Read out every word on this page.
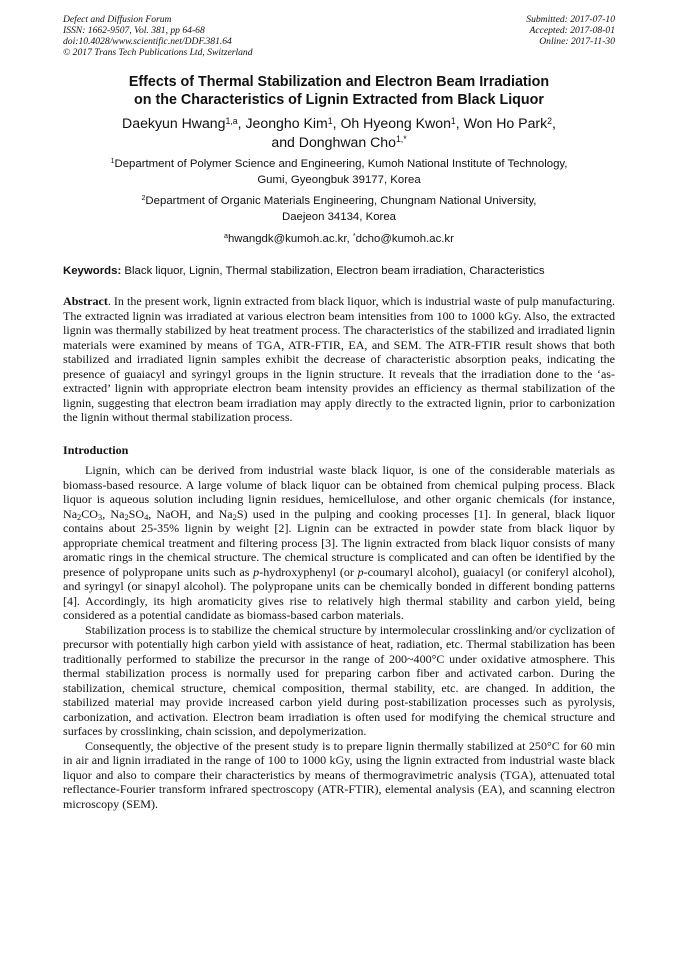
Defect and Diffusion Forum
ISSN: 1662-9507, Vol. 381, pp 64-68
doi:10.4028/www.scientific.net/DDF.381.64
© 2017 Trans Tech Publications Ltd, Switzerland
Submitted: 2017-07-10
Accepted: 2017-08-01
Online: 2017-11-30
Effects of Thermal Stabilization and Electron Beam Irradiation
on the Characteristics of Lignin Extracted from Black Liquor
Daekyun Hwang$^{1,a}$, Jeongho Kim$^1$, Oh Hyeong Kwon$^1$, Won Ho Park$^2$,
and Donghwan Cho$^{1,*}$
$^1$Department of Polymer Science and Engineering, Kumoh National Institute of Technology,
Gumi, Gyeongbuk 39177, Korea
$^2$Department of Organic Materials Engineering, Chungnam National University,
Daejeon 34134, Korea
$^a$hwangdk@kumoh.ac.kr, *dcho@kumoh.ac.kr
Keywords: Black liquor, Lignin, Thermal stabilization, Electron beam irradiation, Characteristics
Abstract. In the present work, lignin extracted from black liquor, which is industrial waste of pulp manufacturing. The extracted lignin was irradiated at various electron beam intensities from 100 to 1000 kGy. Also, the extracted lignin was thermally stabilized by heat treatment process. The characteristics of the stabilized and irradiated lignin materials were examined by means of TGA, ATR-FTIR, EA, and SEM. The ATR-FTIR result shows that both stabilized and irradiated lignin samples exhibit the decrease of characteristic absorption peaks, indicating the presence of guaiacyl and syringyl groups in the lignin structure. It reveals that the irradiation done to the ‘as-extracted’ lignin with appropriate electron beam intensity provides an efficiency as thermal stabilization of the lignin, suggesting that electron beam irradiation may apply directly to the extracted lignin, prior to carbonization the lignin without thermal stabilization process.
Introduction

Lignin, which can be derived from industrial waste black liquor, is one of the considerable materials as biomass-based resource. A large volume of black liquor can be obtained from chemical pulping process. Black liquor is aqueous solution including lignin residues, hemicellulose, and other organic chemicals (for instance, $Na_2CO_3$, $Na_2SO_4$, NaOH, and $Na_2S$) used in the pulping and cooking processes [1]. In general, black liquor contains about 25-35% lignin by weight [2]. Lignin can be extracted in powder state from black liquor by appropriate chemical treatment and filtering process [3]. The lignin extracted from black liquor consists of many aromatic rings in the chemical structure. The chemical structure is complicated and can often be identified by the presence of polypropane units such as p-hydroxyphenyl (or p-coumaryl alcohol), guaiacyl (or coniferyl alcohol), and syringyl (or sinapyl alcohol). The polypropane units can be chemically bonded in different bonding patterns [4]. Accordingly, its high aromaticity gives rise to relatively high thermal stability and carbon yield, being considered as a potential candidate as biomass-based carbon materials.

Stabilization process is to stabilize the chemical structure by intermolecular crosslinking and/or cyclization of precursor with potentially high carbon yield with assistance of heat, radiation, etc. Thermal stabilization has been traditionally performed to stabilize the precursor in the range of 200~400°C under oxidative atmosphere. This thermal stabilization process is normally used for preparing carbon fiber and activated carbon. During the stabilization, chemical structure, chemical composition, thermal stability, etc. are changed. In addition, the stabilized material may provide increased carbon yield during post-stabilization processes such as pyrolysis, carbonization, and activation. Electron beam irradiation is often used for modifying the chemical structure and surfaces by crosslinking, chain scission, and depolymerization.

Consequently, the objective of the present study is to prepare lignin thermally stabilized at 250°C for 60 min in air and lignin irradiated in the range of 100 to 1000 kGy, using the lignin extracted from industrial waste black liquor and also to compare their characteristics by means of thermogravimetric analysis (TGA), attenuated total reflectance-Fourier transform infrared spectroscopy (ATR-FTIR), elemental analysis (EA), and scanning electron microscopy (SEM).
